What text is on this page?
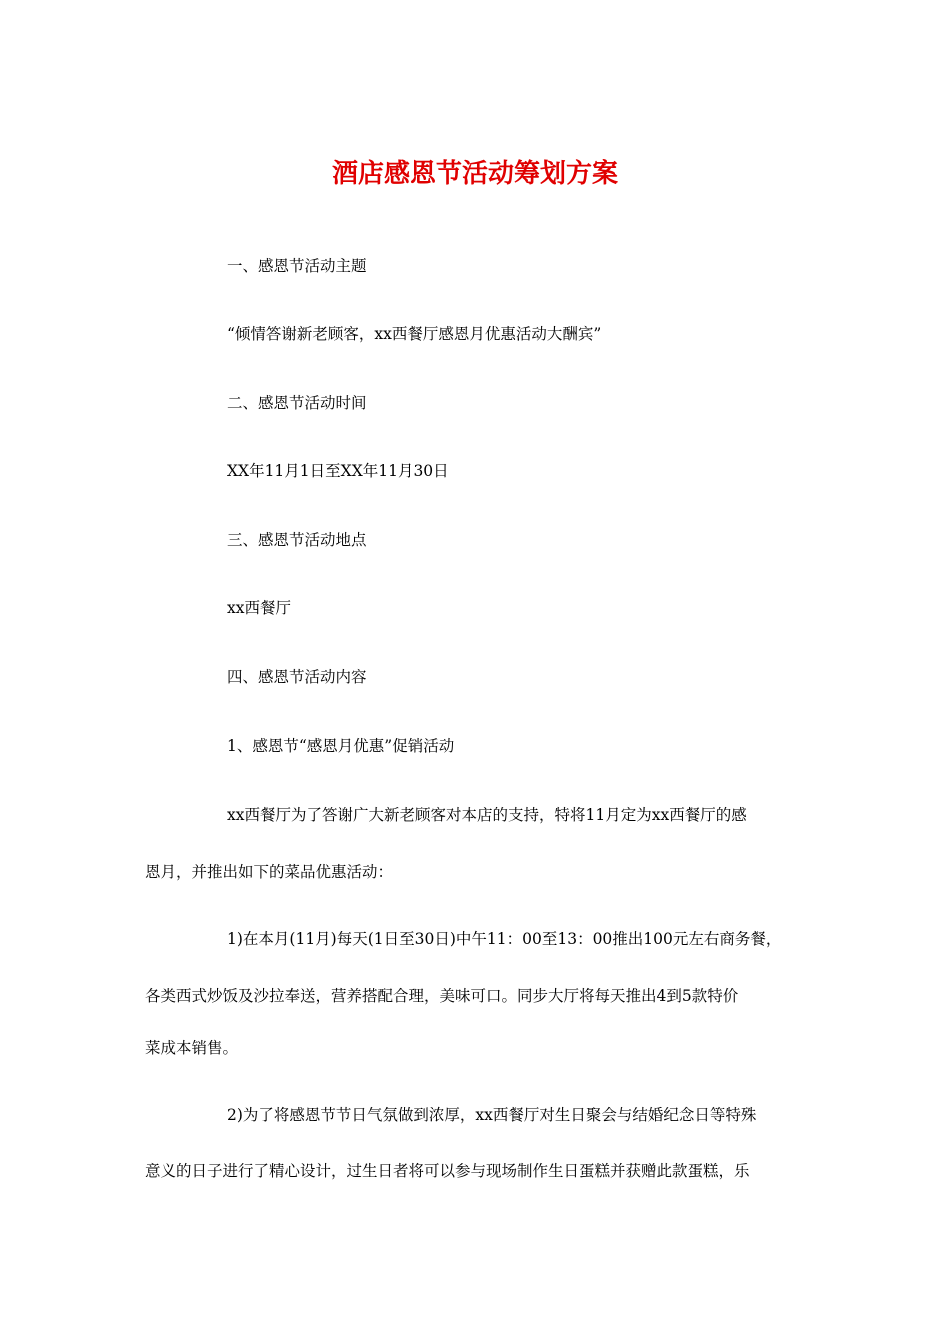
酒店感恩节活动筹划方案
一、感恩节活动主题
“倾情答谢新老顾客，xx西餐厅感恩月优惠活动大酬宾”
二、感恩节活动时间
XX年11月1日至XX年11月30日
三、感恩节活动地点
xx西餐厅
四、感恩节活动内容
1、感恩节“感恩月优惠”促销活动
xx西餐厅为了答谢广大新老顾客对本店的支持，特将11月定为xx西餐厅的感
恩月，并推出如下的菜品优惠活动：
1)在本月(11月)每天(1日至30日)中午11：00至13：00推出100元左右商务餐，
各类西式炒饭及沙拉奉送，营养搭配合理，美味可口。同步大厅将每天推出4到5款特价
菜成本销售。
2)为了将感恩节节日气氛做到浓厚，xx西餐厅对生日聚会与结婚纪念日等特殊
意义的日子进行了精心设计，过生日者将可以参与现场制作生日蛋糕并获赠此款蛋糕，乐
